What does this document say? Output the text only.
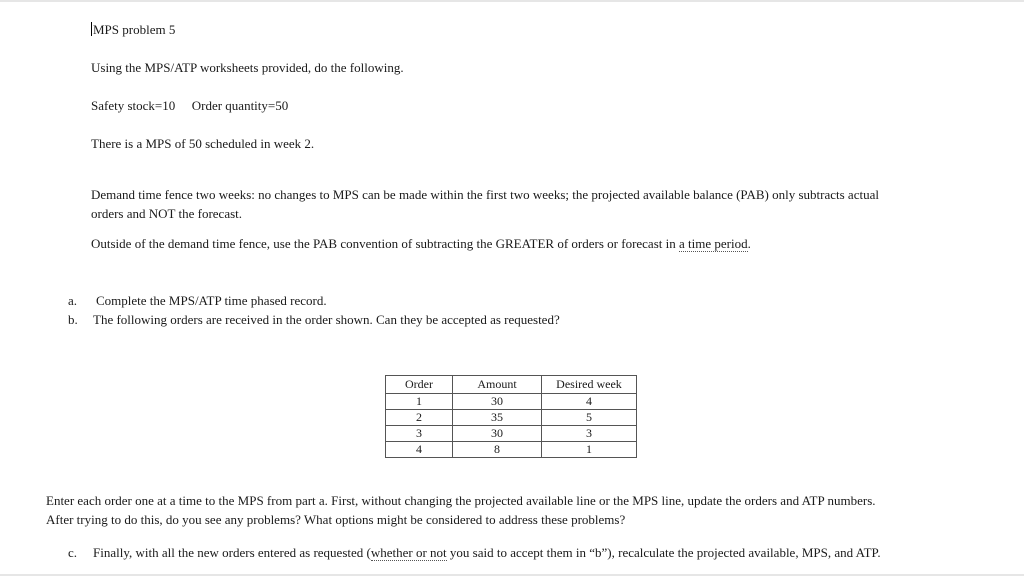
MPS problem 5
Using the MPS/ATP worksheets provided, do the following.
Safety stock=10 Order quantity=50
There is a MPS of 50 scheduled in week 2.
Demand time fence two weeks: no changes to MPS can be made within the first two weeks; the projected available balance (PAB) only subtracts actual
orders and NOT the forecast.
Outside of the demand time fence, use the PAB convention of subtracting the GREATER of orders or forecast in a time period.
a. Complete the MPS/ATP time phased record.
b. The following orders are received in the order shown. Can they be accepted as requested?
Order	Amount	Desired week
1	30	4
2	35	5
3	30	3
4	8	1
Enter each order one at a time to the MPS from part a. First, without changing the projected available line or the MPS line, update the orders and ATP numbers.
After trying to do this, do you see any problems? What options might be considered to address these problems?
c. Finally, with all the new orders entered as requested (whether or not you said to accept them in “b”), recalculate the projected available, MPS, and ATP.
